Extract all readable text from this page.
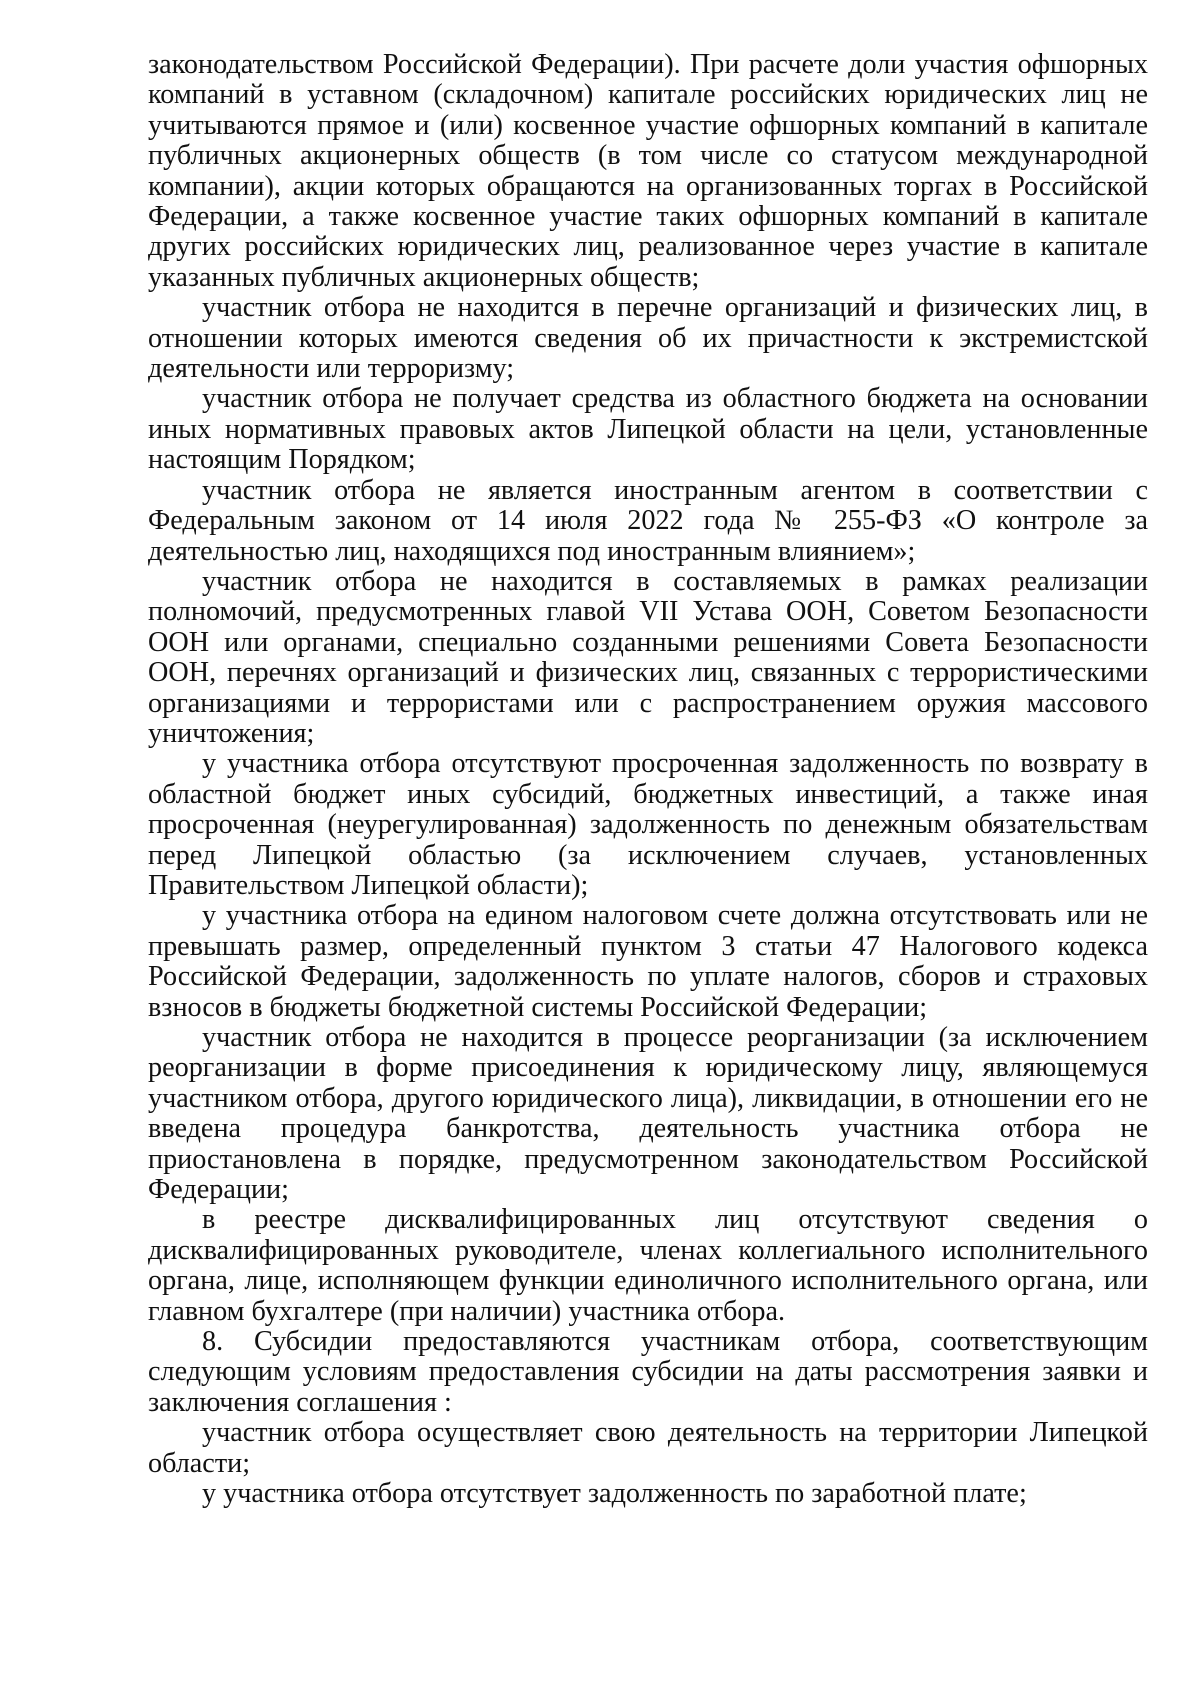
законодательством Российской Федерации). При расчете доли участия офшорных компаний в уставном (складочном) капитале российских юридических лиц не учитываются прямое и (или) косвенное участие офшорных компаний в капитале публичных акционерных обществ (в том числе со статусом международной компании), акции которых обращаются на организованных торгах в Российской Федерации, а также косвенное участие таких офшорных компаний в капитале других российских юридических лиц, реализованное через участие в капитале указанных публичных акционерных обществ;

участник отбора не находится в перечне организаций и физических лиц, в отношении которых имеются сведения об их причастности к экстремистской деятельности или терроризму;

участник отбора не получает средства из областного бюджета на основании иных нормативных правовых актов Липецкой области на цели, установленные настоящим Порядком;

участник отбора не является иностранным агентом в соответствии с Федеральным законом от 14 июля 2022 года № 255-ФЗ «О контроле за деятельностью лиц, находящихся под иностранным влиянием»;

участник отбора не находится в составляемых в рамках реализации полномочий, предусмотренных главой VII Устава ООН, Советом Безопасности ООН или органами, специально созданными решениями Совета Безопасности ООН, перечнях организаций и физических лиц, связанных с террористическими организациями и террористами или с распространением оружия массового уничтожения;

у участника отбора отсутствуют просроченная задолженность по возврату в областной бюджет иных субсидий, бюджетных инвестиций, а также иная просроченная (неурегулированная) задолженность по денежным обязательствам перед Липецкой областью (за исключением случаев, установленных Правительством Липецкой области);

у участника отбора на едином налоговом счете должна отсутствовать или не превышать размер, определенный пунктом 3 статьи 47 Налогового кодекса Российской Федерации, задолженность по уплате налогов, сборов и страховых взносов в бюджеты бюджетной системы Российской Федерации;

участник отбора не находится в процессе реорганизации (за исключением реорганизации в форме присоединения к юридическому лицу, являющемуся участником отбора, другого юридического лица), ликвидации, в отношении его не введена процедура банкротства, деятельность участника отбора не приостановлена в порядке, предусмотренном законодательством Российской Федерации;

в реестре дисквалифицированных лиц отсутствуют сведения о дисквалифицированных руководителе, членах коллегиального исполнительного органа, лице, исполняющем функции единоличного исполнительного органа, или главном бухгалтере (при наличии) участника отбора.

8. Субсидии предоставляются участникам отбора, соответствующим следующим условиям предоставления субсидии на даты рассмотрения заявки и заключения соглашения :

участник отбора осуществляет свою деятельность на территории Липецкой области;

у участника отбора отсутствует задолженность по заработной плате;
